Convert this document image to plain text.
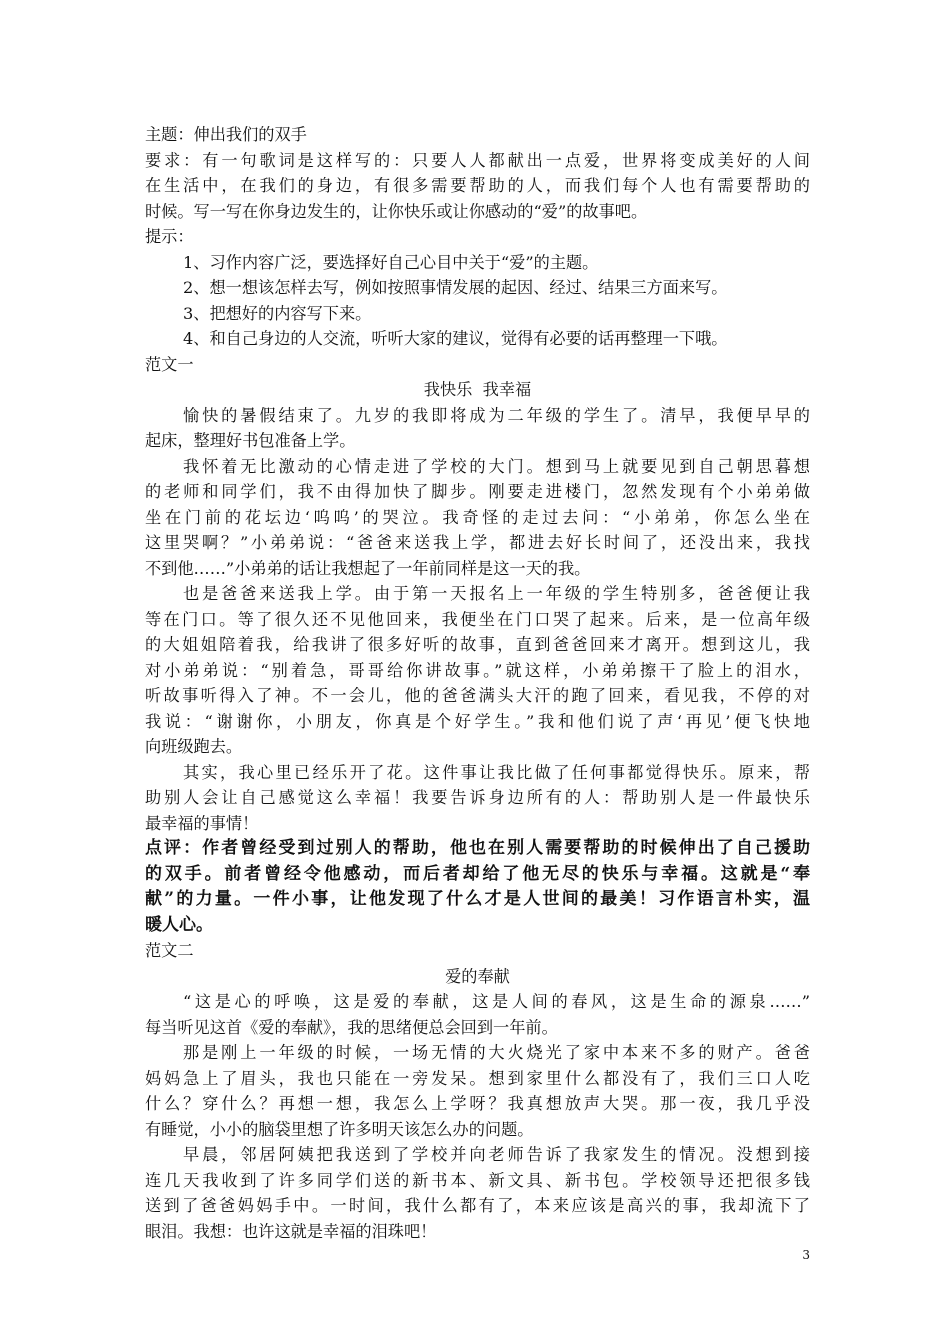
主题：伸出我们的双手

要求：有一句歌词是这样写的：只要人人都献出一点爱，世界将变成美好的人间

在生活中，在我们的身边，有很多需要帮助的人，而我们每个人也有需要帮助的

时候。写一写在你身边发生的，让你快乐或让你感动的“爱”的故事吧。

提示：

1、习作内容广泛，要选择好自己心目中关于“爱”的主题。

2、想一想该怎样去写，例如按照事情发展的起因、经过、结果三方面来写。

3、把想好的内容写下来。

4、和自己身边的人交流，听听大家的建议，觉得有必要的话再整理一下哦。

范文一

我快乐  我幸福

愉快的暑假结束了。九岁的我即将成为二年级的学生了。清早，我便早早的

起床，整理好书包准备上学。

我怀着无比激动的心情走进了学校的大门。想到马上就要见到自己朝思暮想

的老师和同学们，我不由得加快了脚步。刚要走进楼门，忽然发现有个小弟弟做

坐在门前的花坛边‘呜呜’的哭泣。我奇怪的走过去问：“小弟弟，你怎么坐在

这里哭啊？”小弟弟说：“爸爸来送我上学，都进去好长时间了，还没出来，我找

不到他……”小弟弟的话让我想起了一年前同样是这一天的我。

也是爸爸来送我上学。由于第一天报名上一年级的学生特别多，爸爸便让我

等在门口。等了很久还不见他回来，我便坐在门口哭了起来。后来，是一位高年级

的大姐姐陪着我，给我讲了很多好听的故事，直到爸爸回来才离开。想到这儿，我

对小弟弟说：“别着急，哥哥给你讲故事。”就这样，小弟弟擦干了脸上的泪水，

听故事听得入了神。不一会儿，他的爸爸满头大汗的跑了回来，看见我，不停的对

我说：“谢谢你，小朋友，你真是个好学生。”我和他们说了声‘再见’便飞快地

向班级跑去。

其实，我心里已经乐开了花。这件事让我比做了任何事都觉得快乐。原来，帮

助别人会让自己感觉这么幸福！我要告诉身边所有的人：帮助别人是一件最快乐

最幸福的事情！

点评：作者曾经受到过别人的帮助，他也在别人需要帮助的时候伸出了自己援助

的双手。前者曾经令他感动，而后者却给了他无尽的快乐与幸福。这就是“奉

献”的力量。一件小事，让他发现了什么才是人世间的最美！习作语言朴实，温

暖人心。

范文二

爱的奉献

“这是心的呼唤，这是爱的奉献，这是人间的春风，这是生命的源泉……”

每当听见这首《爱的奉献》，我的思绪便总会回到一年前。

那是刚上一年级的时候，一场无情的大火烧光了家中本来不多的财产。爸爸

妈妈急上了眉头，我也只能在一旁发呆。想到家里什么都没有了，我们三口人吃

什么？穿什么？再想一想，我怎么上学呀？我真想放声大哭。那一夜，我几乎没

有睡觉，小小的脑袋里想了许多明天该怎么办的问题。

早晨，邻居阿姨把我送到了学校并向老师告诉了我家发生的情况。没想到接

连几天我收到了许多同学们送的新书本、新文具、新书包。学校领导还把很多钱

送到了爸爸妈妈手中。一时间，我什么都有了，本来应该是高兴的事，我却流下了

眼泪。我想：也许这就是幸福的泪珠吧！

3
